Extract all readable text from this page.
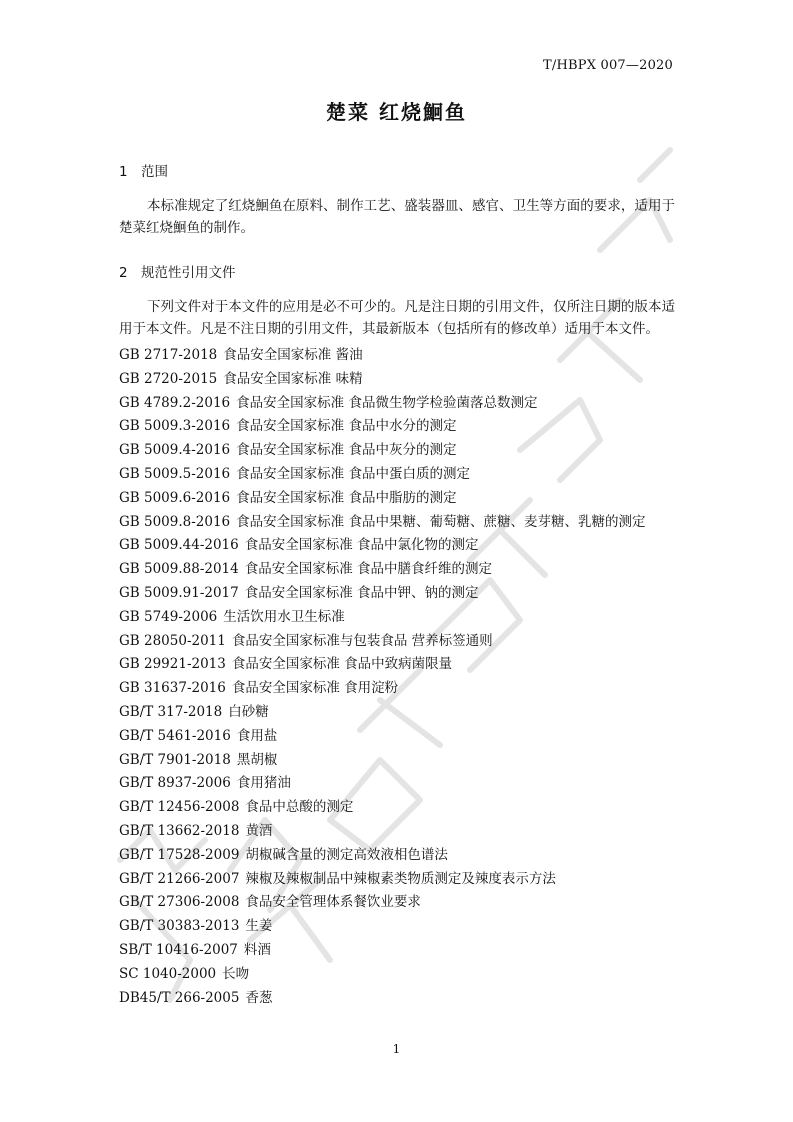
T/HBPX 007—2020
楚菜 红烧鮰鱼
1 范围
本标准规定了红烧鮰鱼在原料、制作工艺、盛装器皿、感官、卫生等方面的要求，适用于楚菜红烧鮰鱼的制作。
2 规范性引用文件
下列文件对于本文件的应用是必不可少的。凡是注日期的引用文件，仅所注日期的版本适用于本文件。凡是不注日期的引用文件，其最新版本（包括所有的修改单）适用于本文件。
GB 2717-2018 食品安全国家标准 酱油
GB 2720-2015 食品安全国家标准 味精
GB 4789.2-2016 食品安全国家标准 食品微生物学检验菌落总数测定
GB 5009.3-2016 食品安全国家标准 食品中水分的测定
GB 5009.4-2016 食品安全国家标准 食品中灰分的测定
GB 5009.5-2016 食品安全国家标准 食品中蛋白质的测定
GB 5009.6-2016 食品安全国家标准 食品中脂肪的测定
GB 5009.8-2016 食品安全国家标准 食品中果糖、葡萄糖、蔗糖、麦芽糖、乳糖的测定
GB 5009.44-2016 食品安全国家标准 食品中氯化物的测定
GB 5009.88-2014 食品安全国家标准 食品中膳食纤维的测定
GB 5009.91-2017 食品安全国家标准 食品中钾、钠的测定
GB 5749-2006 生活饮用水卫生标准
GB 28050-2011 食品安全国家标准与包装食品 营养标签通则
GB 29921-2013 食品安全国家标准 食品中致病菌限量
GB 31637-2016 食品安全国家标准 食用淀粉
GB/T 317-2018 白砂糖
GB/T 5461-2016 食用盐
GB/T 7901-2018 黑胡椒
GB/T 8937-2006 食用猪油
GB/T 12456-2008 食品中总酸的测定
GB/T 13662-2018 黄酒
GB/T 17528-2009 胡椒碱含量的测定高效液相色谱法
GB/T 21266-2007 辣椒及辣椒制品中辣椒素类物质测定及辣度表示方法
GB/T 27306-2008 食品安全管理体系餐饮业要求
GB/T 30383-2013 生姜
SB/T 10416-2007 料酒
SC 1040-2000 长吻
DB45/T 266-2005 香葱
1
